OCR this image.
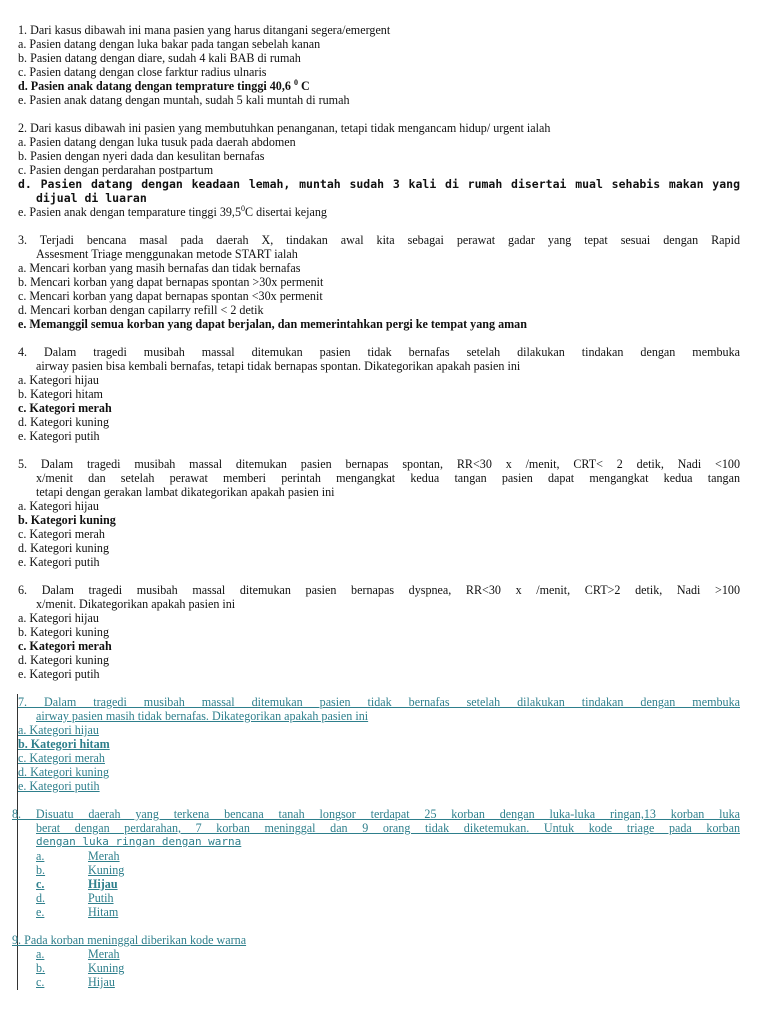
1. Dari kasus dibawah ini mana pasien yang harus ditangani segera/emergent
a. Pasien datang dengan luka bakar pada tangan sebelah kanan
b. Pasien datang dengan diare, sudah 4 kali BAB di rumah
c. Pasien datang dengan close farktur radius ulnaris
d. Pasien anak datang dengan temprature tinggi 40,6 $^0$ C
e. Pasien anak datang dengan muntah, sudah 5 kali muntah di rumah
2. Dari kasus dibawah ini pasien yang membutuhkan penanganan, tetapi tidak mengancam hidup/ urgent ialah
a. Pasien datang dengan luka tusuk pada daerah abdomen
b. Pasien dengan nyeri dada dan kesulitan bernafas
c. Pasien dengan perdarahan postpartum
d. Pasien datang dengan keadaan lemah, muntah sudah 3 kali di rumah disertai mual sehabis makan yang
dijual di luaran
e. Pasien anak dengan temparature tinggi 39,5$^0$C disertai kejang
3. Terjadi bencana masal pada daerah X, tindakan awal kita sebagai perawat gadar yang tepat sesuai dengan Rapid
Assesment Triage menggunakan metode START ialah
a. Mencari korban yang masih bernafas dan tidak bernafas
b. Mencari korban yang dapat bernapas spontan >30x permenit
c. Mencari korban yang dapat bernapas spontan <30x permenit
d. Mencari korban dengan capilarry refill < 2 detik
e. Memanggil semua korban yang dapat berjalan, dan memerintahkan pergi ke tempat yang aman
4. Dalam tragedi musibah massal ditemukan pasien tidak bernafas setelah dilakukan tindakan dengan membuka
airway pasien bisa kembali bernafas, tetapi tidak bernapas spontan. Dikategorikan apakah pasien ini
a. Kategori hijau
b. Kategori hitam
c. Kategori merah
d. Kategori kuning
e. Kategori putih
5. Dalam tragedi musibah massal ditemukan pasien bernapas spontan, RR<30 x /menit, CRT< 2 detik, Nadi <100
x/menit dan setelah perawat memberi perintah mengangkat kedua tangan pasien dapat mengangkat kedua tangan
tetapi dengan gerakan lambat dikategorikan apakah pasien ini
a. Kategori hijau
b. Kategori kuning
c. Kategori merah
d. Kategori kuning
e. Kategori putih
6. Dalam tragedi musibah massal ditemukan pasien bernapas dyspnea, RR<30 x /menit, CRT>2 detik, Nadi >100
x/menit. Dikategorikan apakah pasien ini
a. Kategori hijau
b. Kategori kuning
c. Kategori merah
d. Kategori kuning
e. Kategori putih
7. Dalam tragedi musibah massal ditemukan pasien tidak bernafas setelah dilakukan tindakan dengan membuka
airway pasien masih tidak bernafas. Dikategorikan apakah pasien ini
a. Kategori hijau
b. Kategori hitam
c. Kategori merah
d. Kategori kuning
e. Kategori putih
8. Disuatu daerah yang terkena bencana tanah longsor terdapat 25 korban dengan luka-luka ringan,13 korban luka
berat dengan perdarahan, 7 korban meninggal dan 9 orang tidak diketemukan. Untuk kode triage pada korban
dengan luka ringan dengan warna
a.	Merah
b.	Kuning
c.	Hijau
d.	Putih
e.	Hitam
9. Pada korban meninggal diberikan kode warna
a.	Merah
b.	Kuning
c.	Hijau
